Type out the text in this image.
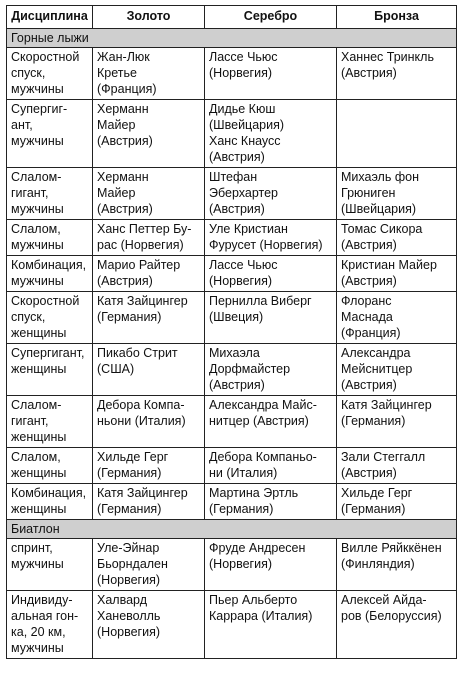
Дисциплина	Золото	Серебро	Бронза
Горные лыжи			

Скоростной
спуск,
мужчины	Жан-Люк
Кретье
(Франция)	Лассе Чьюс
(Норвегия)	Ханнес Тринкль
(Австрия)

Супергиг-
ант,
мужчины	Херманн
Майер
(Австрия)	Дидье Кюш
(Швейцария)
Ханс Кнаусс
(Австрия)	

Слалом-
гигант,
мужчины	Херманн
Майер
(Австрия)	Штефан
Эберхартер
(Австрия)	Михаэль фон
Грюниген
(Швейцария)

Слалом,
мужчины	Ханс Петтер Бу-
рас (Норвегия)	Уле Кристиан
Фурусет (Норвегия)	Томас Сикора
(Австрия)

Комбинация,
мужчины	Марио Райтер
(Австрия)	Лассе Чьюс
(Норвегия)	Кристиан Майер
(Австрия)

Скоростной
спуск,
женщины	Катя Зайцингер
(Германия)	Пернилла Виберг
(Швеция)	Флоранс
Маснада
(Франция)

Супергигант,
женщины	Пикабо Стрит
(США)	Михаэла
Дорфмайстер
(Австрия)	Александра
Мейснитцер
(Австрия)

Слалом-
гигант,
женщины	Дебора Компа-
ньони (Италия)	Александра Майс-
нитцер (Австрия)	Катя Зайцингер
(Германия)

Слалом,
женщины	Хильде Герг
(Германия)	Дебора Компаньо-
ни (Италия)	Зали Стеггалл
(Австрия)

Комбинация,
женщины	Катя Зайцингер
(Германия)	Мартина Эртль
(Германия)	Хильде Герг
(Германия)

Биатлон			

спринт,
мужчины	Уле-Эйнар
Бьорндален
(Норвегия)	Фруде Андресен
(Норвегия)	Вилле Ряйккёнен
(Финляндия)

Индивиду-
альная гон-
ка, 20 км,
мужчины	Халвард
Ханеволль
(Норвегия)	Пьер Альберто
Каррара (Италия)	Алексей Айда-
ров (Белоруссия)
